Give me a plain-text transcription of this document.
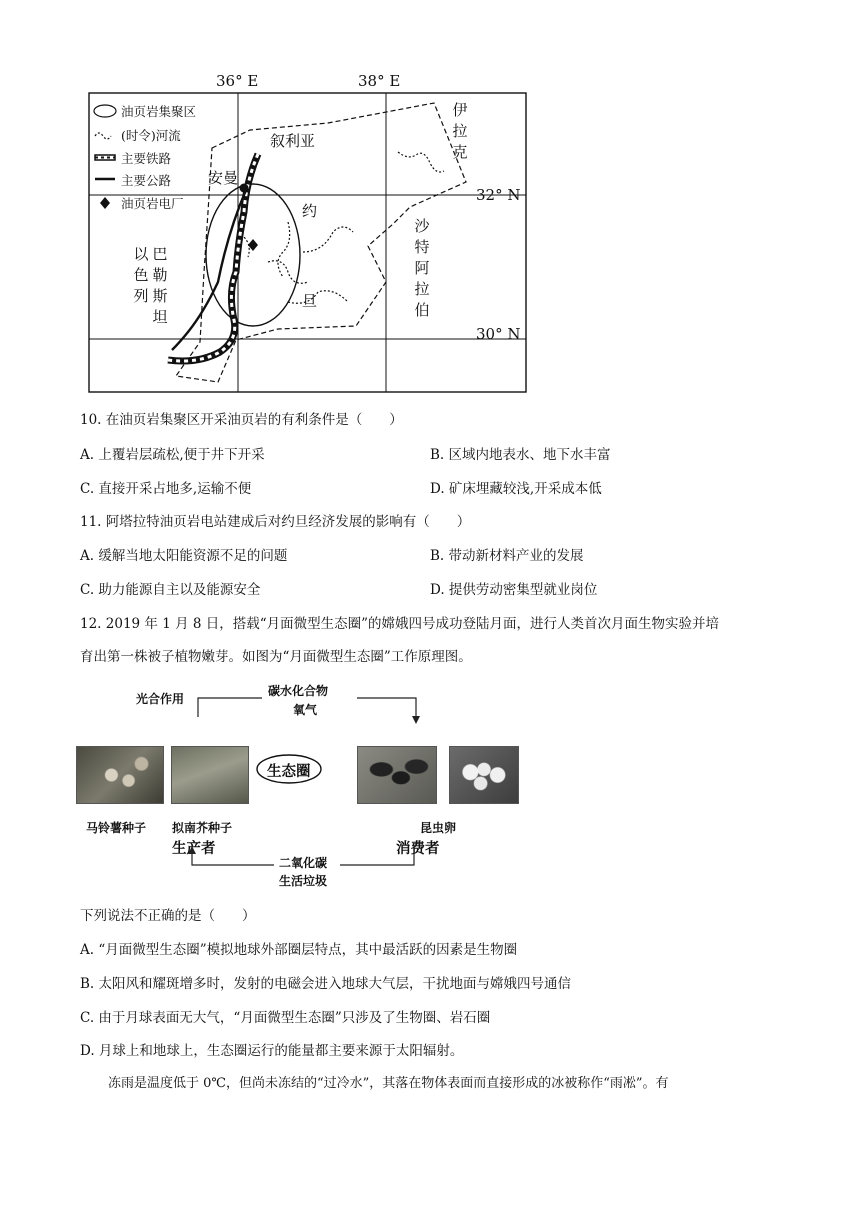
36° E	38° E
32° N
30° N
油页岩集聚区
(时令)河流
主要铁路
主要公路
油页岩电厂
叙利亚
安曼
伊拉克
约
旦
沙特阿拉伯
以色列
巴勒斯坦
10. 在油页岩集聚区开采油页岩的有利条件是（　　）
A. 上覆岩层疏松,便于井下开采	B. 区域内地表水、地下水丰富
C. 直接开采占地多,运输不便	D. 矿床埋藏较浅,开采成本低
11. 阿塔拉特油页岩电站建成后对约旦经济发展的影响有（　　）
A. 缓解当地太阳能资源不足的问题	B. 带动新材料产业的发展
C. 助力能源自主以及能源安全	D. 提供劳动密集型就业岗位
12. 2019 年 1 月 8 日，搭载“月面微型生态圈”的嫦娥四号成功登陆月面，进行人类首次月面生物实验并培
育出第一株被子植物嫩芽。如图为“月面微型生态圈”工作原理图。
光合作用
碳水化合物
氧气
生态圈
马铃薯种子 拟南芥种子	昆虫卵
生产者	消费者
二氧化碳
生活垃圾
下列说法不正确的是（　　）
A. “月面微型生态圈”模拟地球外部圈层特点，其中最活跃的因素是生物圈
B. 太阳风和耀斑增多时，发射的电磁会进入地球大气层，干扰地面与嫦娥四号通信
C. 由于月球表面无大气，“月面微型生态圈”只涉及了生物圈、岩石圈
D. 月球上和地球上，生态圈运行的能量都主要来源于太阳辐射。
冻雨是温度低于 0℃，但尚未冻结的“过冷水”，其落在物体表面而直接形成的冰被称作“雨凇”。有
